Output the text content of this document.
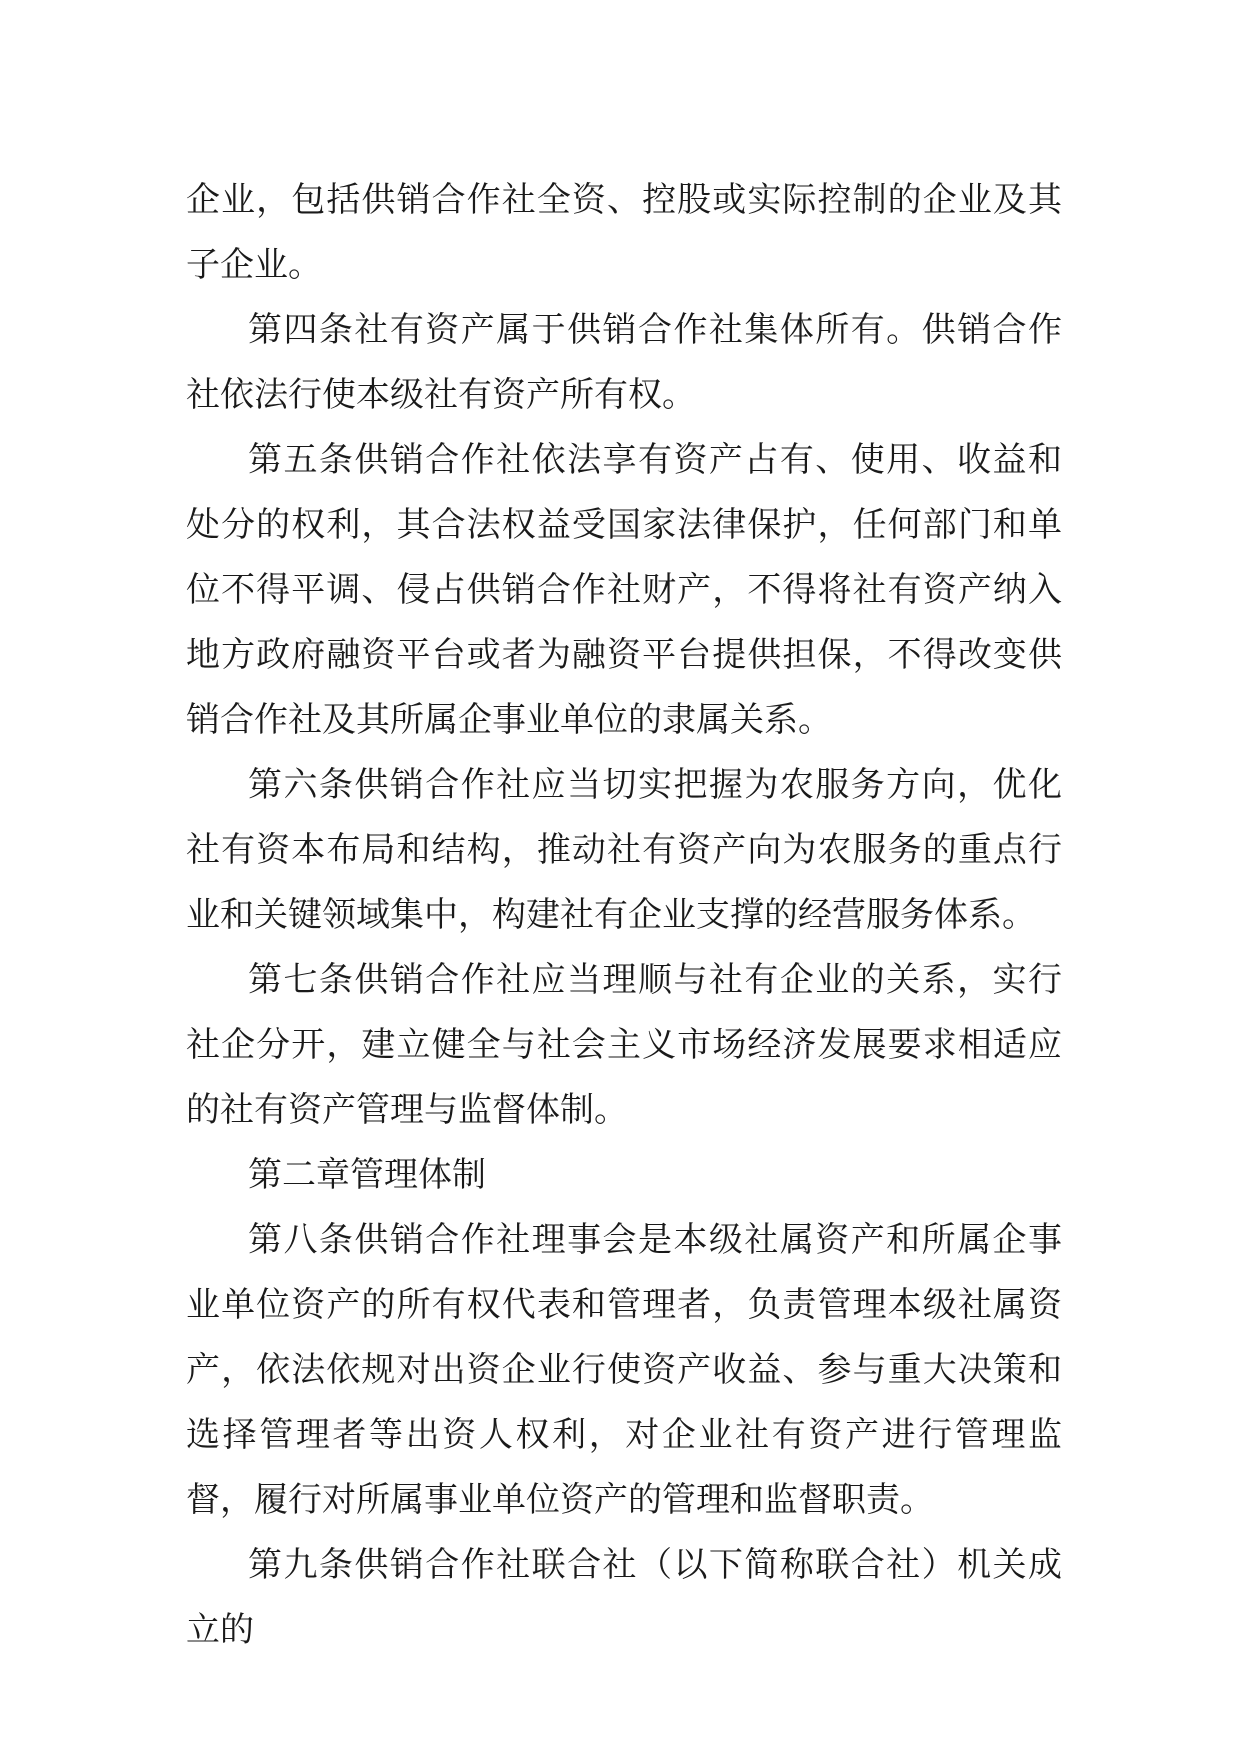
企业，包括供销合作社全资、控股或实际控制的企业及其子企业。

第四条社有资产属于供销合作社集体所有。供销合作社依法行使本级社有资产所有权。

第五条供销合作社依法享有资产占有、使用、收益和处分的权利，其合法权益受国家法律保护，任何部门和单位不得平调、侵占供销合作社财产，不得将社有资产纳入地方政府融资平台或者为融资平台提供担保，不得改变供销合作社及其所属企事业单位的隶属关系。

第六条供销合作社应当切实把握为农服务方向，优化社有资本布局和结构，推动社有资产向为农服务的重点行业和关键领域集中，构建社有企业支撑的经营服务体系。

第七条供销合作社应当理顺与社有企业的关系，实行社企分开，建立健全与社会主义市场经济发展要求相适应的社有资产管理与监督体制。

第二章管理体制

第八条供销合作社理事会是本级社属资产和所属企事业单位资产的所有权代表和管理者，负责管理本级社属资产，依法依规对出资企业行使资产收益、参与重大决策和选择管理者等出资人权利，对企业社有资产进行管理监督，履行对所属事业单位资产的管理和监督职责。

第九条供销合作社联合社（以下简称联合社）机关成立的
